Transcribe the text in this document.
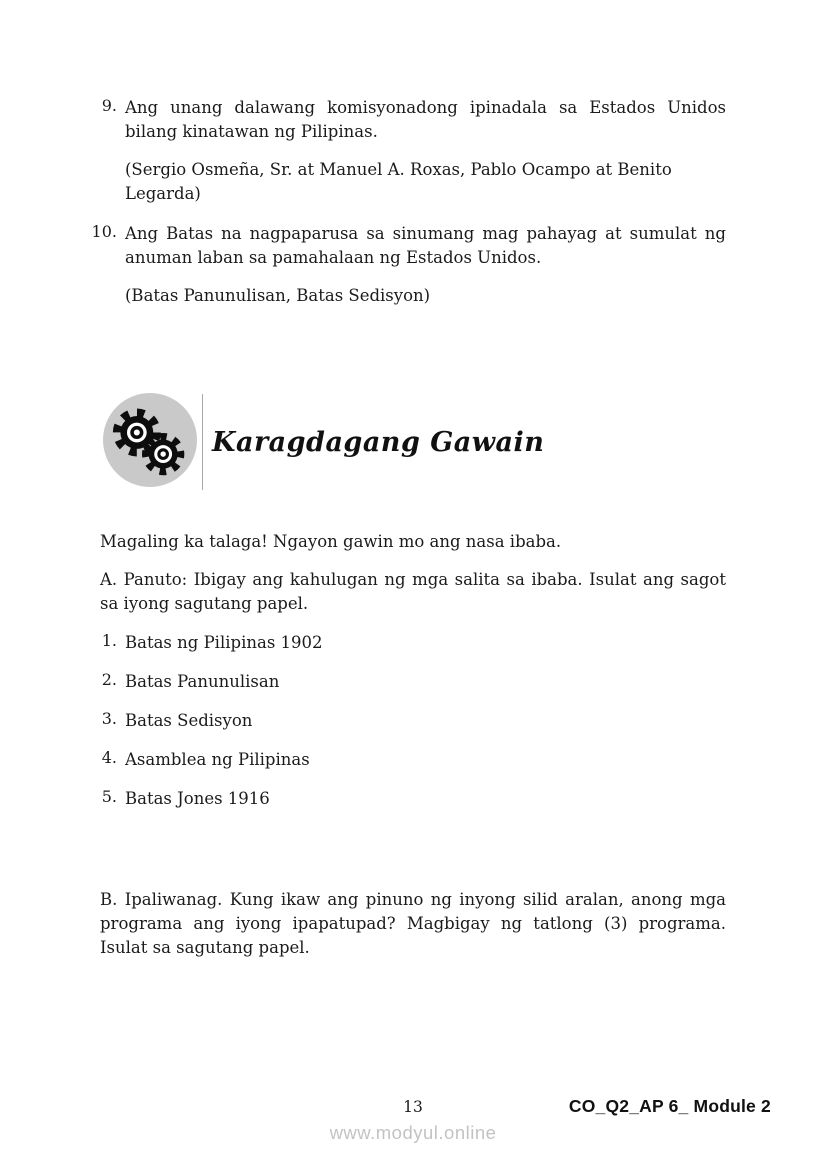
9. Ang unang dalawang komisyonadong ipinadala sa Estados Unidos bilang kinatawan ng Pilipinas.

(Sergio Osmeña, Sr. at Manuel A. Roxas, Pablo Ocampo at Benito Legarda)

10. Ang Batas na nagpaparusa sa sinumang mag pahayag at sumulat ng anuman laban sa pamahalaan ng Estados Unidos.

(Batas Panunulisan, Batas Sedisyon)

Karagdagang Gawain

Magaling ka talaga! Ngayon gawin mo ang nasa ibaba.

A. Panuto: Ibigay ang kahulugan ng mga salita sa ibaba. Isulat ang sagot sa iyong sagutang papel.

1. Batas ng Pilipinas 1902

2. Batas Panunulisan

3. Batas Sedisyon

4. Asamblea ng Pilipinas

5. Batas Jones 1916

B. Ipaliwanag. Kung ikaw ang pinuno ng inyong silid aralan, anong mga programa ang iyong ipapatupad? Magbigay ng tatlong (3) programa. Isulat sa sagutang papel.

13	CO_Q2_AP 6_ Module 2
www.modyul.online
